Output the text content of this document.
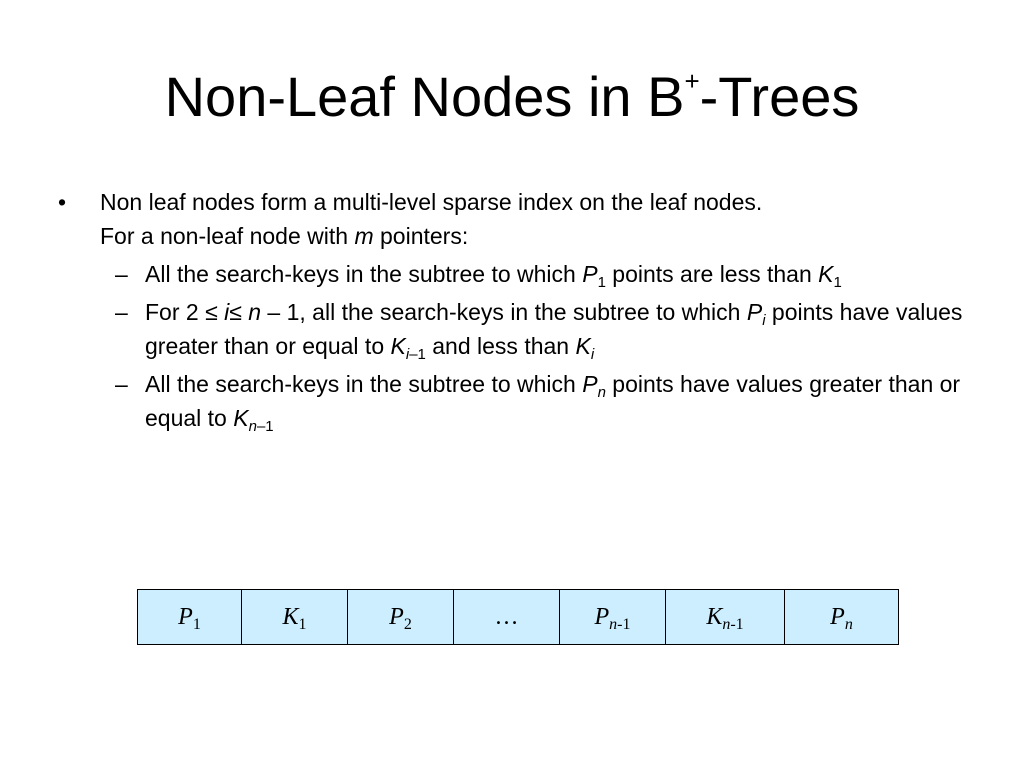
Non-Leaf Nodes in B+-Trees
• Non leaf nodes form a multi-level sparse index on the leaf nodes.
For a non-leaf node with m pointers:
– All the search-keys in the subtree to which $P_1$ points are less than $K_1$
– For 2 ≤ i≤ n – 1, all the search-keys in the subtree to which $P_i$ points have values greater than or equal to $K_{i-1}$ and less than $K_i$
– All the search-keys in the subtree to which $P_n$ points have values greater than or equal to $K_{n-1}$
$P_1$	$K_1$	$P_2$	…	$P_{n-1}$	$K_{n-1}$	$P_n$
